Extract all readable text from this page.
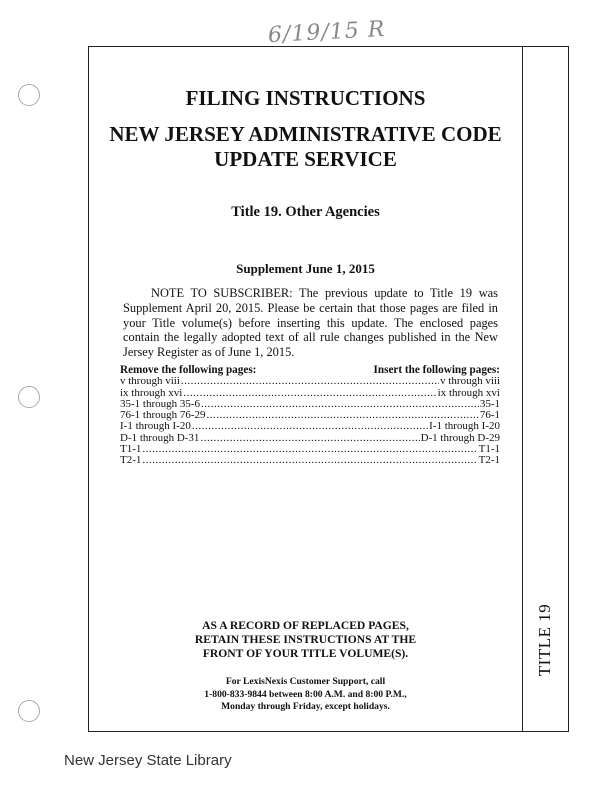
6/19/15 R
TITLE 19
FILING INSTRUCTIONS
NEW JERSEY ADMINISTRATIVE CODE
UPDATE SERVICE
Title 19. Other Agencies
Supplement June 1, 2015

NOTE TO SUBSCRIBER: The previous update to Title 19 was Supplement April 20, 2015. Please be certain that those pages are filed in your Title volume(s) before inserting this update. The enclosed pages contain the legally adopted text of all rule changes published in the New Jersey Register as of June 1, 2015.

Remove the following pages:	Insert the following pages:
v through viii .....	v through viii
ix through xvi .....	ix through xvi
35-1 through 35-6 .....	35-1
76-1 through 76-29 .....	76-1
I-1 through I-20 .....	I-1 through I-20
D-1 through D-31 .....	D-1 through D-29
T1-1 .....	T1-1
T2-1 .....	T2-1
AS A RECORD OF REPLACED PAGES,
RETAIN THESE INSTRUCTIONS AT THE
FRONT OF YOUR TITLE VOLUME(S).
For LexisNexis Customer Support, call
1-800-833-9844 between 8:00 A.M. and 8:00 P.M.,
Monday through Friday, except holidays.
New Jersey State Library
